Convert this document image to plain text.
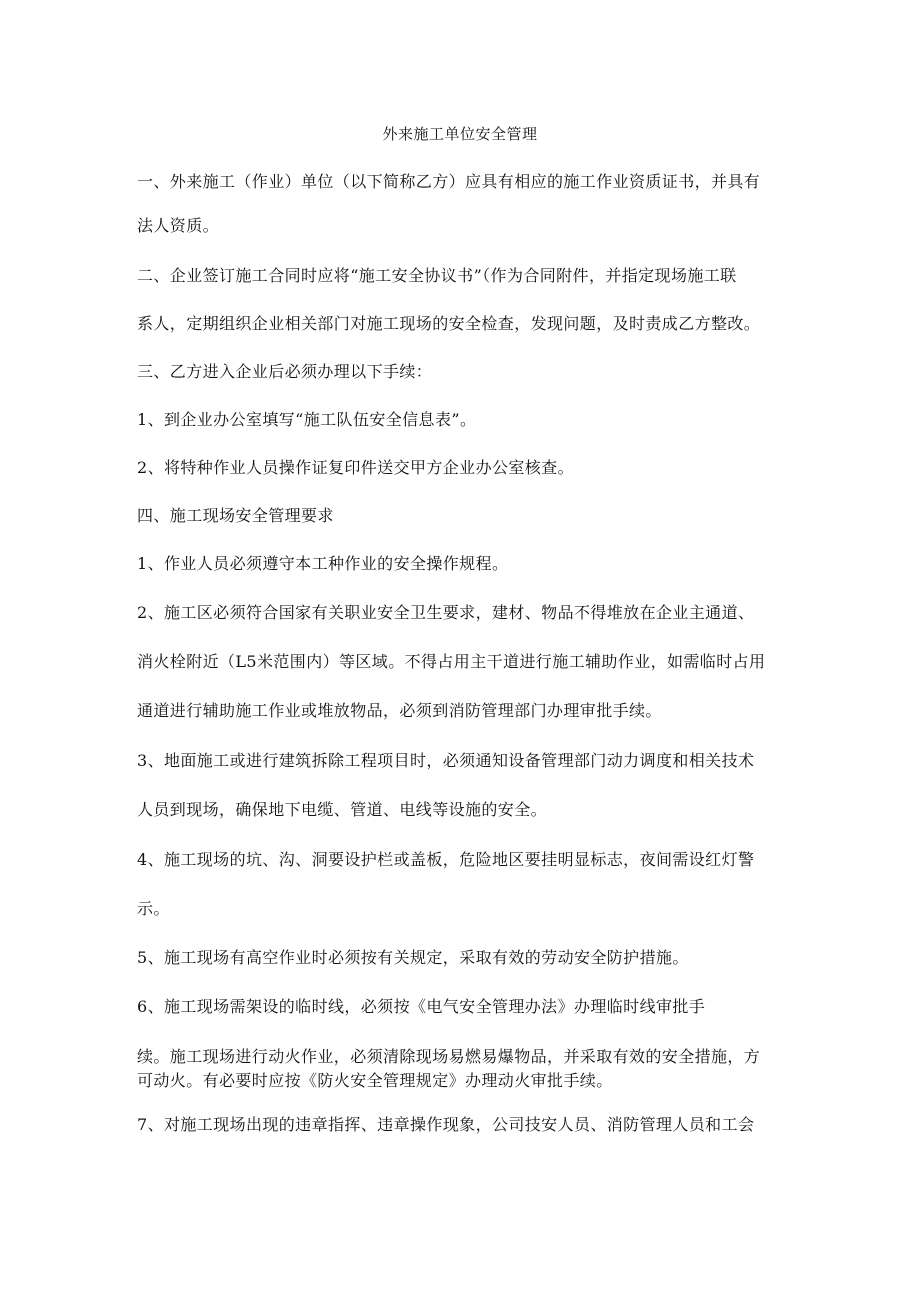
外来施工单位安全管理
一、外来施工（作业）单位（以下简称乙方）应具有相应的施工作业资质证书，并具有
法人资质。
二、企业签订施工合同时应将“施工安全协议书”（作为合同附件，并指定现场施工联
系人，定期组织企业相关部门对施工现场的安全检查，发现问题，及时责成乙方整改。
三、乙方进入企业后必须办理以下手续：
1、到企业办公室填写“施工队伍安全信息表”。
2、将特种作业人员操作证复印件送交甲方企业办公室核查。
四、施工现场安全管理要求
1、作业人员必须遵守本工种作业的安全操作规程。
2、施工区必须符合国家有关职业安全卫生要求，建材、物品不得堆放在企业主通道、
消火栓附近（L5米范围内）等区域。不得占用主干道进行施工辅助作业，如需临时占用
通道进行辅助施工作业或堆放物品，必须到消防管理部门办理审批手续。
3、地面施工或进行建筑拆除工程项目时，必须通知设备管理部门动力调度和相关技术
人员到现场，确保地下电缆、管道、电线等设施的安全。
4、施工现场的坑、沟、洞要设护栏或盖板，危险地区要挂明显标志，夜间需设红灯警
示。
5、施工现场有高空作业时必须按有关规定，采取有效的劳动安全防护措施。
6、施工现场需架设的临时线，必须按《电气安全管理办法》办理临时线审批手
续。施工现场进行动火作业，必须清除现场易燃易爆物品，并采取有效的安全措施，方
可动火。有必要时应按《防火安全管理规定》办理动火审批手续。
7、对施工现场出现的违章指挥、违章操作现象，公司技安人员、消防管理人员和工会
